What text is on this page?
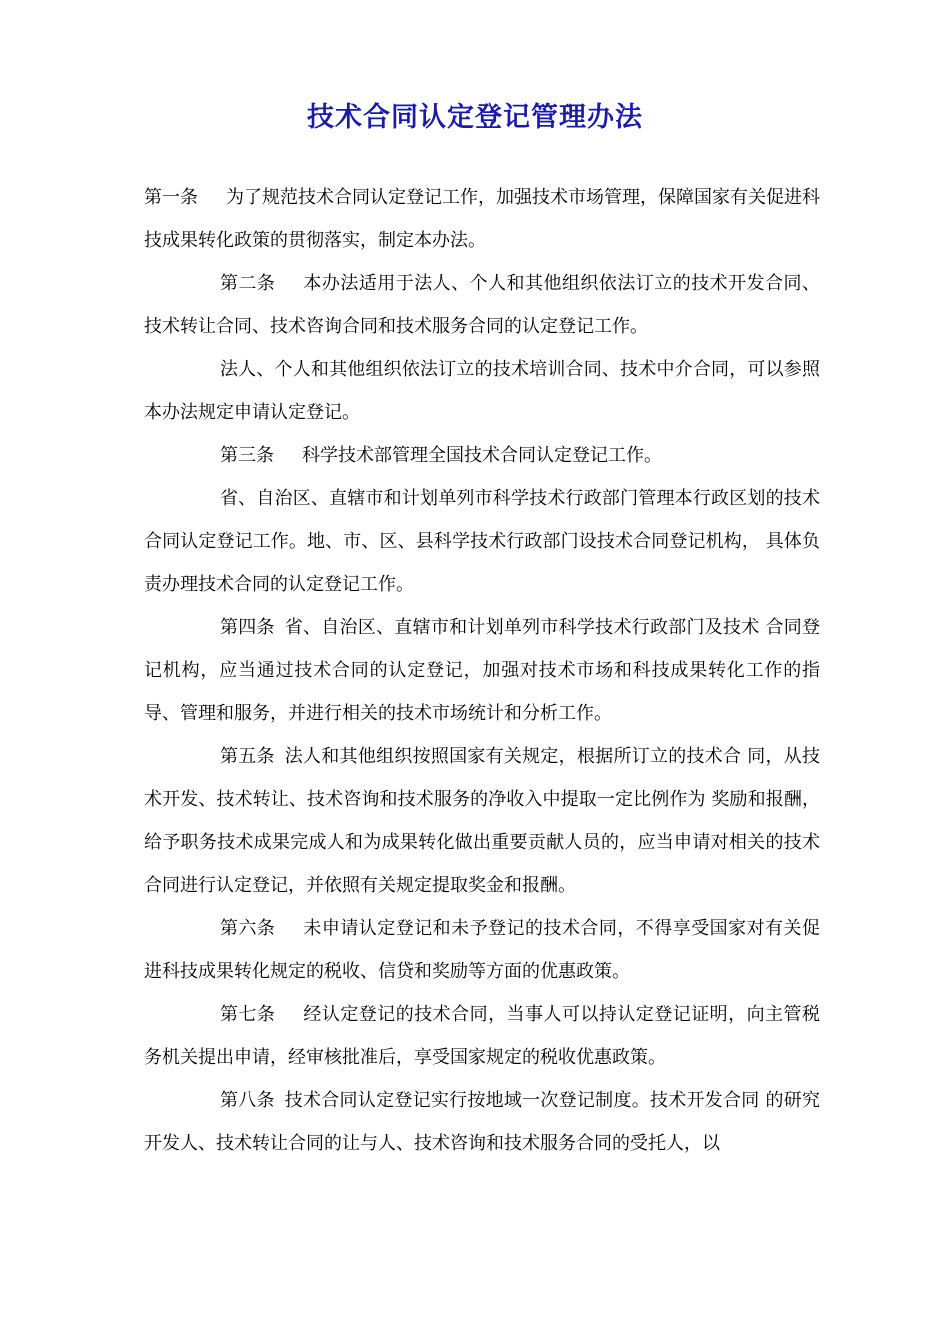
技术合同认定登记管理办法

第一条 为了规范技术合同认定登记工作，加强技术市场管理，保障国家有关促进科技成果转化政策的贯彻落实，制定本办法。

第二条 本办法适用于法人、个人和其他组织依法订立的技术开发合同、技术转让合同、技术咨询合同和技术服务合同的认定登记工作。

法人、个人和其他组织依法订立的技术培训合同、技术中介合同，可以参照本办法规定申请认定登记。

第三条 科学技术部管理全国技术合同认定登记工作。

省、自治区、直辖市和计划单列市科学技术行政部门管理本行政区划的技术合同认定登记工作。地、市、区、县科学技术行政部门设技术合同登记机构， 具体负责办理技术合同的认定登记工作。

第四条 省、自治区、直辖市和计划单列市科学技术行政部门及技术 合同登记机构，应当通过技术合同的认定登记，加强对技术市场和科技成果转化工作的指导、管理和服务，并进行相关的技术市场统计和分析工作。

第五条 法人和其他组织按照国家有关规定，根据所订立的技术合 同，从技术开发、技术转让、技术咨询和技术服务的净收入中提取一定比例作为 奖励和报酬，给予职务技术成果完成人和为成果转化做出重要贡献人员的，应当申请对相关的技术合同进行认定登记，并依照有关规定提取奖金和报酬。

第六条 未申请认定登记和未予登记的技术合同，不得享受国家对有关促进科技成果转化规定的税收、信贷和奖励等方面的优惠政策。

第七条 经认定登记的技术合同，当事人可以持认定登记证明，向主管税务机关提出申请，经审核批准后，享受国家规定的税收优惠政策。

第八条 技术合同认定登记实行按地域一次登记制度。技术开发合同 的研究开发人、技术转让合同的让与人、技术咨询和技术服务合同的受托人，以
